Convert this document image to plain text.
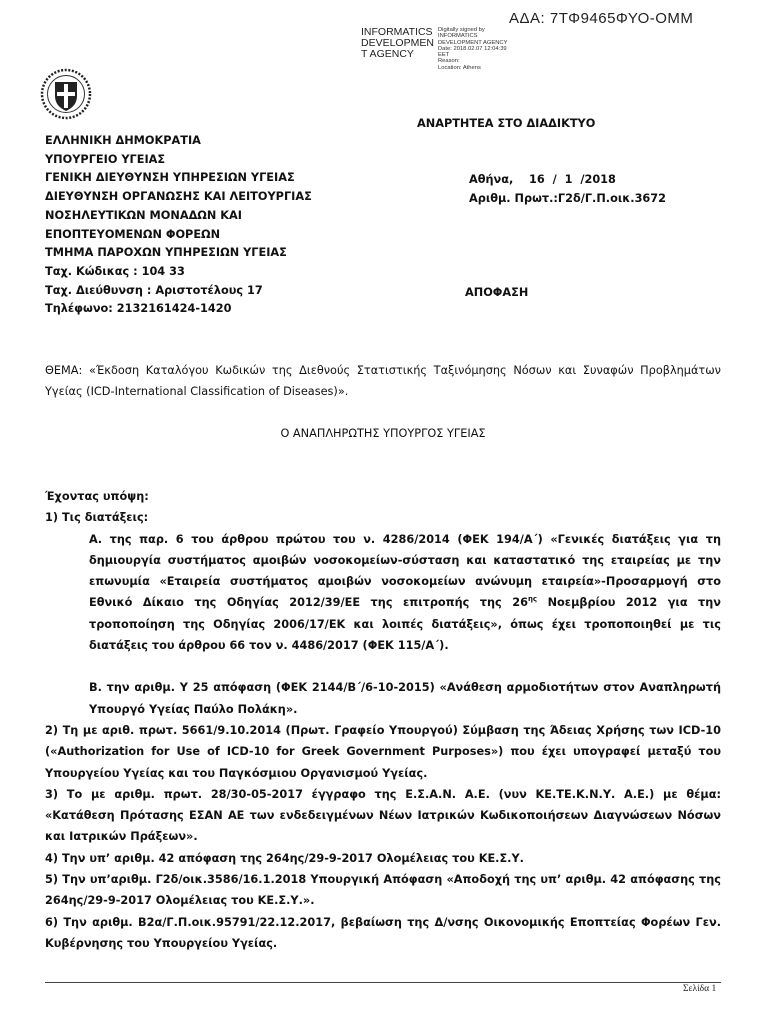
ΑΔΑ: 7ΤΦ9465ΦΥΟ-ΟΜΜ
INFORMATICS
DEVELOPMEN
T AGENCY
Digitally signed by
INFORMATICS
DEVELOPMENT AGENCY
Date: 2018.02.07 12:04:39
EET
Reason:
Location: Athens
ΑΝΑΡΤΗΤΕΑ ΣΤΟ ΔΙΑΔΙΚΤΥΟ
ΕΛΛΗΝΙΚΗ ΔΗΜΟΚΡΑΤΙΑ
ΥΠΟΥΡΓΕΙΟ ΥΓΕΙΑΣ
ΓΕΝΙΚΗ ΔΙΕΥΘΥΝΣΗ ΥΠΗΡΕΣΙΩΝ ΥΓΕΙΑΣ
ΔΙΕΥΘΥΝΣΗ ΟΡΓΑΝΩΣΗΣ ΚΑΙ ΛΕΙΤΟΥΡΓΙΑΣ
ΝΟΣΗΛΕΥΤΙΚΩΝ ΜΟΝΑΔΩΝ ΚΑΙ
ΕΠΟΠΤΕΥΟΜΕΝΩΝ ΦΟΡΕΩΝ
ΤΜΗΜΑ ΠΑΡΟΧΩΝ ΥΠΗΡΕΣΙΩΝ ΥΓΕΙΑΣ
Ταχ. Κώδικας : 104 33
Ταχ. Διεύθυνση : Αριστοτέλους 17
Τηλέφωνο: 2132161424-1420
Αθήνα,    16  /  1  /2018
Αριθμ. Πρωτ.:Γ2δ/Γ.Π.οικ.3672
ΑΠΟΦΑΣΗ
ΘΕΜΑ: «Έκδοση Καταλόγου Κωδικών της Διεθνούς Στατιστικής Ταξινόμησης Νόσων και Συναφών Προβλημάτων Υγείας (ICD-International Classification of Diseases)».
Ο ΑΝΑΠΛΗΡΩΤΗΣ ΥΠΟΥΡΓΟΣ ΥΓΕΙΑΣ
Έχοντας υπόψη:
1) Τις διατάξεις:
Α. της παρ. 6 του άρθρου πρώτου του ν. 4286/2014 (ΦΕΚ 194/Α΄) «Γενικές διατάξεις για τη δημιουργία συστήματος αμοιβών νοσοκομείων-σύσταση και καταστατικό της εταιρείας με την επωνυμία «Εταιρεία συστήματος αμοιβών νοσοκομείων ανώνυμη εταιρεία»-Προσαρμογή στο Εθνικό Δίκαιο της Οδηγίας 2012/39/ΕΕ της επιτροπής της $26^{\eta\varsigma}$ Νοεμβρίου 2012 για την τροποποίηση της Οδηγίας 2006/17/ΕΚ και λοιπές διατάξεις», όπως έχει τροποποιηθεί με τις διατάξεις του άρθρου 66 τον ν. 4486/2017 (ΦΕΚ 115/Α΄).
Β. την αριθμ. Υ 25 απόφαση (ΦΕΚ 2144/Β΄/6-10-2015) «Ανάθεση αρμοδιοτήτων στον Αναπληρωτή Υπουργό Υγείας Παύλο Πολάκη».
2) Τη με αριθ. πρωτ. 5661/9.10.2014 (Πρωτ. Γραφείο Υπουργού) Σύμβαση της Άδειας Χρήσης των ICD-10 («Authorization for Use of ICD-10 for Greek Government Purposes») που έχει υπογραφεί μεταξύ του Υπουργείου Υγείας και του Παγκόσμιου Οργανισμού Υγείας.
3) Το με αριθμ. πρωτ. 28/30-05-2017 έγγραφο της Ε.Σ.Α.Ν. Α.Ε. (νυν ΚΕ.ΤΕ.Κ.Ν.Υ. Α.Ε.) με θέμα: «Κατάθεση Πρότασης ΕΣΑΝ ΑΕ των ενδεδειγμένων Νέων Ιατρικών Κωδικοποιήσεων Διαγνώσεων Νόσων και Ιατρικών Πράξεων».
4) Την υπ’ αριθμ. 42 απόφαση της 264ης/29-9-2017 Ολομέλειας του ΚΕ.Σ.Υ.
5) Την υπ’αριθμ. Γ2δ/οικ.3586/16.1.2018 Υπουργική Απόφαση «Αποδοχή της υπ’ αριθμ. 42 απόφασης της 264ης/29-9-2017 Ολομέλειας του ΚΕ.Σ.Υ.».
6) Την αριθμ. Β2α/Γ.Π.οικ.95791/22.12.2017, βεβαίωση της Δ/νσης Οικονομικής Εποπτείας Φορέων Γεν. Κυβέρνησης του Υπουργείου Υγείας.
Σελίδα 1
